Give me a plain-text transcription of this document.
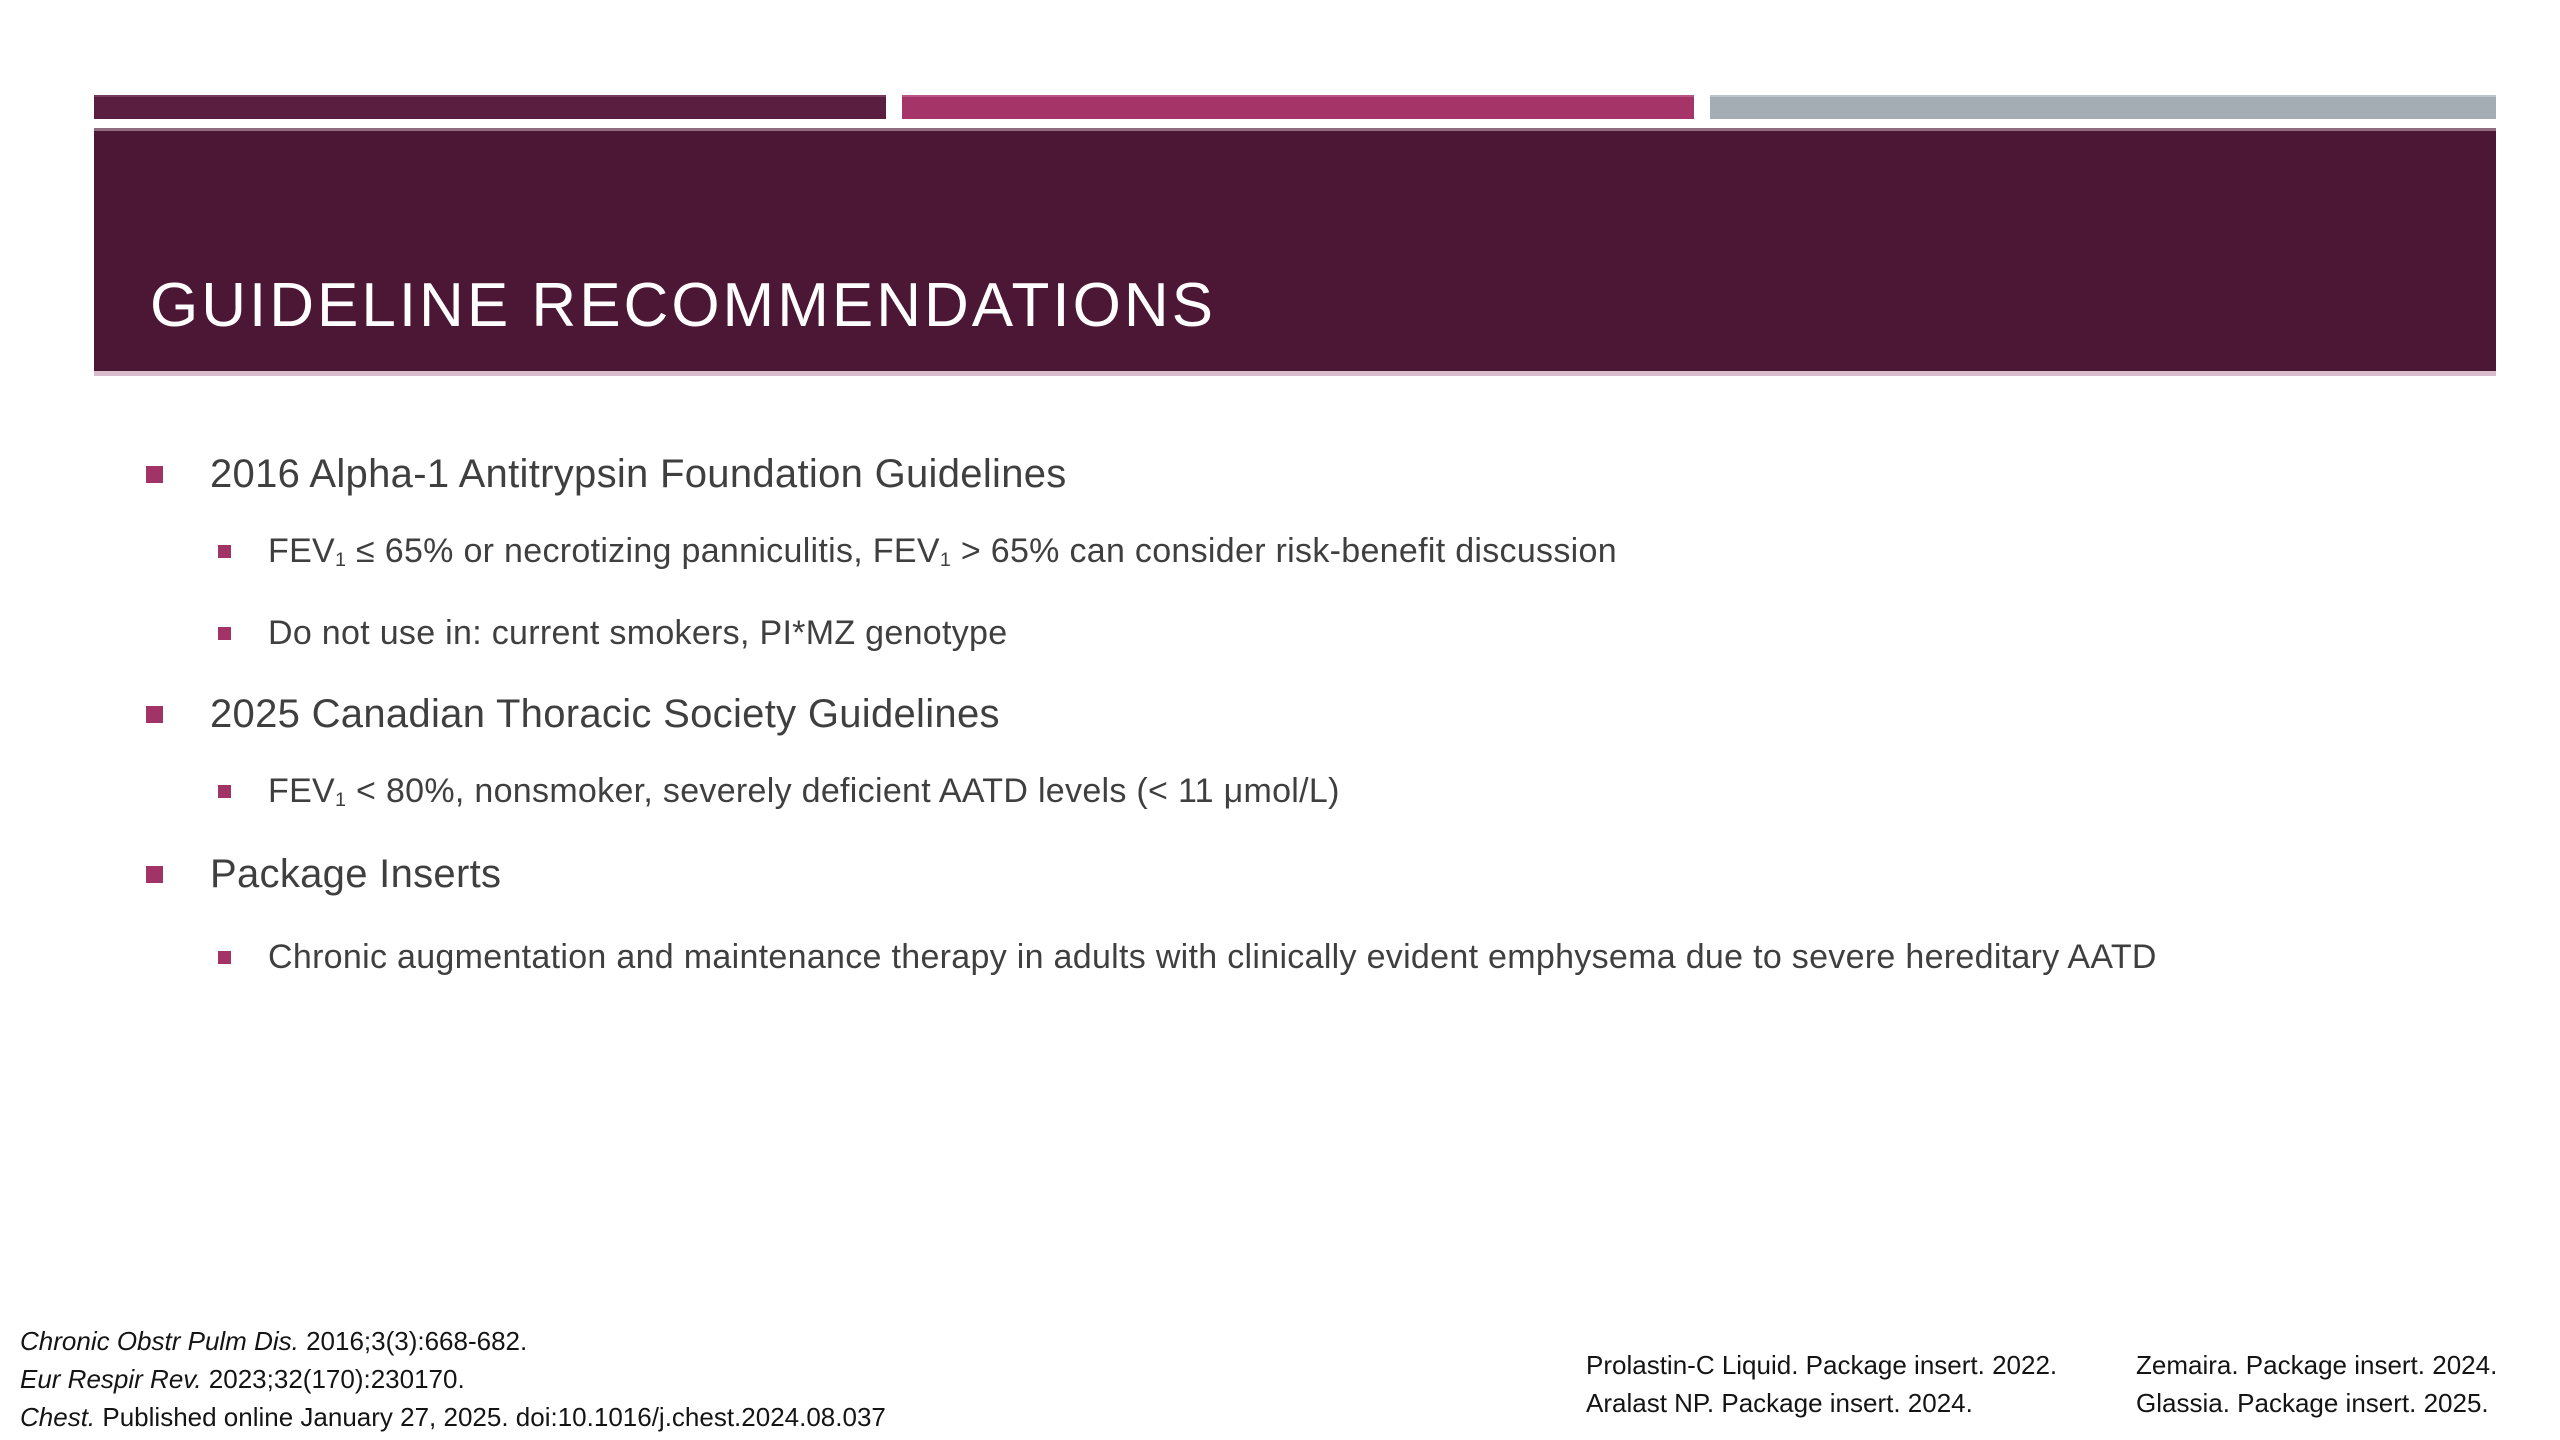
GUIDELINE RECOMMENDATIONS
2016 Alpha-1 Antitrypsin Foundation Guidelines
$FEV_1 \le 65\%$ or necrotizing panniculitis, $FEV_1 > 65\%$ can consider risk-benefit discussion
Do not use in: current smokers, PI*MZ genotype
2025 Canadian Thoracic Society Guidelines
$FEV_1 < 80\%$, nonsmoker, severely deficient AATD levels (< 11 μmol/L)
Package Inserts
Chronic augmentation and maintenance therapy in adults with clinically evident emphysema due to severe hereditary AATD
Chronic Obstr Pulm Dis. 2016;3(3):668-682.
Eur Respir Rev. 2023;32(170):230170.
Chest. Published online January 27, 2025. doi:10.1016/j.chest.2024.08.037
Prolastin-C Liquid. Package insert. 2022.
Aralast NP. Package insert. 2024.
Zemaira. Package insert. 2024.
Glassia. Package insert. 2025.
